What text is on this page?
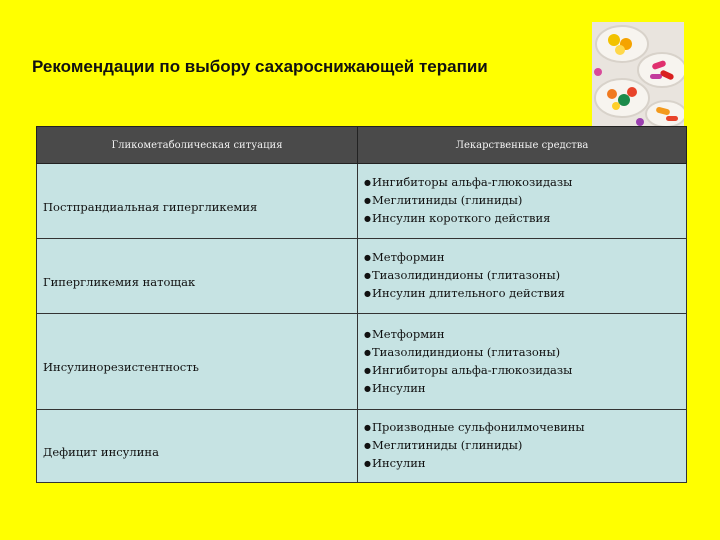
Рекомендации по выбору сахароснижающей терапии
Гликометаболическая ситуация	Лекарственные средства

Постпрандиальная гипергликемия	●Ингибиторы альфа-глюкозидазы
●Меглитиниды (глиниды)
●Инсулин короткого действия

Гипергликемия натощак	●Метформин
●Тиазолидиндионы (глитазоны)
●Инсулин длительного действия

Инсулинорезистентность	●Метформин
●Тиазолидиндионы (глитазоны)
●Ингибиторы альфа-глюкозидазы
●Инсулин

Дефицит инсулина	●Производные сульфонилмочевины
●Меглитиниды (глиниды)
●Инсулин
